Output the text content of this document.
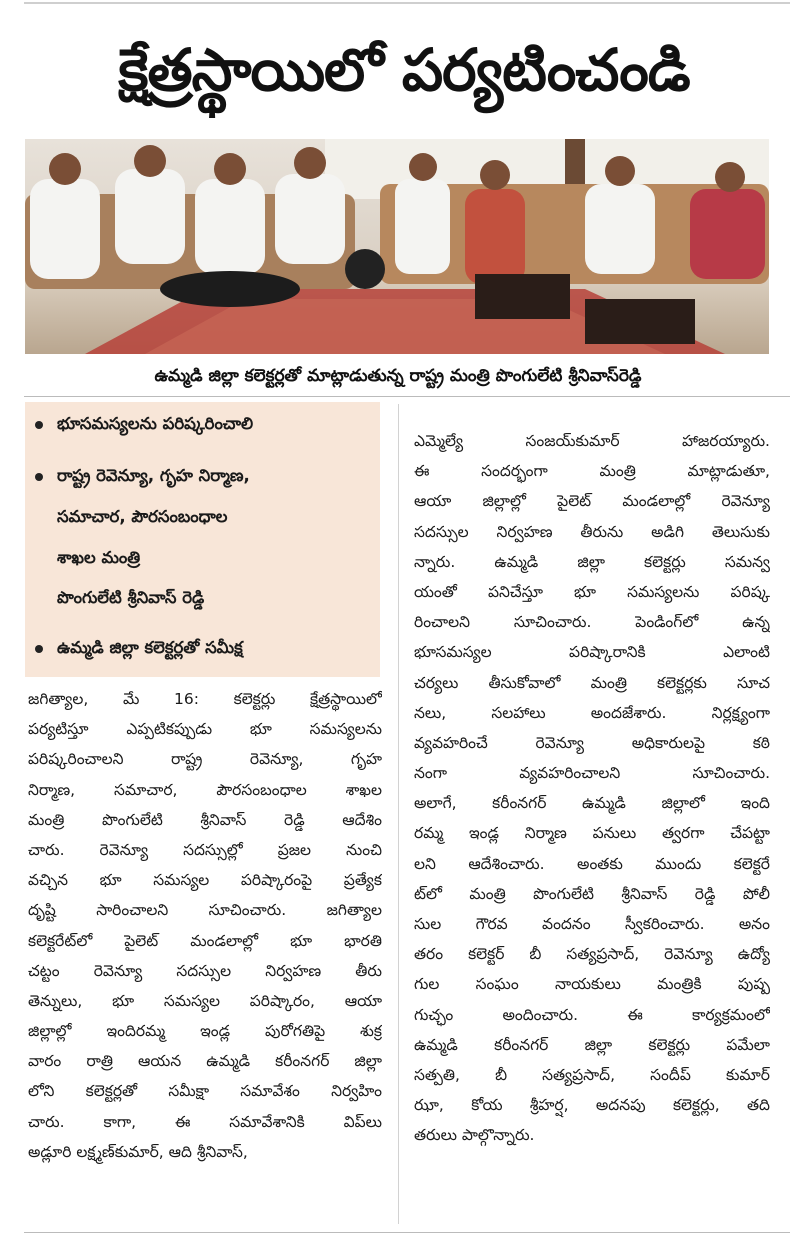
క్షేత్రస్థాయిలో పర్యటించండి
ఉమ్మడి జిల్లా కలెక్టర్లతో మాట్లాడుతున్న రాష్ట్ర మంత్రి పొంగులేటి శ్రీనివాస్‌రెడ్డి
భూసమస్యలను పరిష్కరించాలి
రాష్ట్ర రెవెన్యూ, గృహ నిర్మాణ,
సమాచార, పౌరసంబంధాల
శాఖల మంత్రి
పొంగులేటి శ్రీనివాస్ రెడ్డి
ఉమ్మడి జిల్లా కలెక్టర్లతో సమీక్ష
జగిత్యాల, మే 16: కలెక్టర్లు క్షేత్రస్థాయిలో
పర్యటిస్తూ ఎప్పటికప్పుడు భూ సమస్యలను
పరిష్కరించాలని రాష్ట్ర రెవెన్యూ, గృహ
నిర్మాణ, సమాచార, పౌరసంబంధాల శాఖల
మంత్రి పొంగులేటి శ్రీనివాస్ రెడ్డి ఆదేశిం
చారు. రెవెన్యూ సదస్సుల్లో ప్రజల నుంచి
వచ్చిన భూ సమస్యల పరిష్కారంపై ప్రత్యేక
దృష్టి సారించాలని సూచించారు. జగిత్యాల
కలెక్టరేట్‌లో పైలెట్ మండలాల్లో భూ భారతి
చట్టం రెవెన్యూ సదస్సుల నిర్వహణ తీరు
తెన్నులు, భూ సమస్యల పరిష్కారం, ఆయా
జిల్లాల్లో ఇందిరమ్మ ఇండ్ల పురోగతిపై శుక్ర
వారం రాత్రి ఆయన ఉమ్మడి కరీంనగర్ జిల్లా
లోని కలెక్టర్లతో సమీక్షా సమావేశం నిర్వహిం
చారు. కాగా, ఈ సమావేశానికి విప్‌లు
అడ్లూరి లక్ష్మణ్‌కుమార్, ఆది శ్రీనివాస్,
ఎమ్మెల్యే సంజయ్‌కుమార్ హాజరయ్యారు.
ఈ సందర్భంగా మంత్రి మాట్లాడుతూ,
ఆయా జిల్లాల్లో పైలెట్ మండలాల్లో రెవెన్యూ
సదస్సుల నిర్వహణ తీరును అడిగి తెలుసుకు
న్నారు. ఉమ్మడి జిల్లా కలెక్టర్లు సమన్వ
యంతో పనిచేస్తూ భూ సమస్యలను పరిష్క
రించాలని సూచించారు. పెండింగ్‌లో ఉన్న
భూసమస్యల పరిష్కారానికి ఎలాంటి
చర్యలు తీసుకోవాలో మంత్రి కలెక్టర్లకు సూచ
నలు, సలహాలు అందజేశారు. నిర్లక్ష్యంగా
వ్యవహరించే రెవెన్యూ అధికారులపై కఠి
నంగా వ్యవహరించాలని సూచించారు.
అలాగే, కరీంనగర్ ఉమ్మడి జిల్లాలో ఇంది
రమ్మ ఇండ్ల నిర్మాణ పనులు త్వరగా చేపట్టా
లని ఆదేశించారు. అంతకు ముందు కలెక్టరే
ట్‌లో మంత్రి పొంగులేటి శ్రీనివాస్ రెడ్డి పోలీ
సుల గౌరవ వందనం స్వీకరించారు. అనం
తరం కలెక్టర్ బీ సత్యప్రసాద్, రెవెన్యూ ఉద్యో
గుల సంఘం నాయకులు మంత్రికి పుష్ప
గుచ్ఛం అందించారు. ఈ కార్యక్రమంలో
ఉమ్మడి కరీంనగర్ జిల్లా కలెక్టర్లు పమేలా
సత్పతి, బీ సత్యప్రసాద్, సందీప్ కుమార్
ఝా, కోయ శ్రీహర్ష, అదనపు కలెక్టర్లు, తది
తరులు పాల్గొన్నారు.
